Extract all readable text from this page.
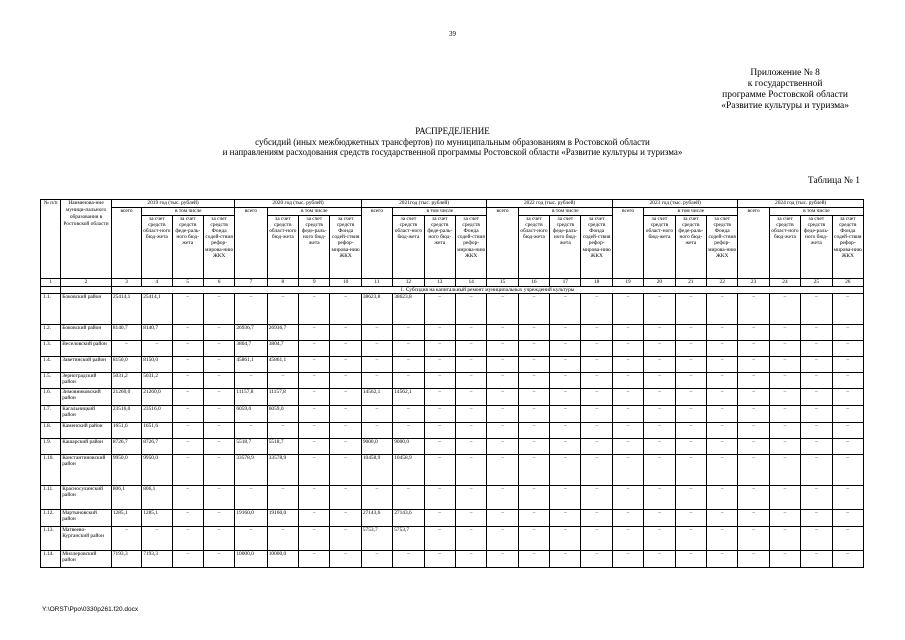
39
Приложение № 8
к государственной
программе Ростовской области
«Развитие культуры и туризма»
РАСПРЕДЕЛЕНИЕ
субсидий (иных межбюджетных трансфертов) по муниципальным образованиям в Ростовской области
и направлениям расходования средств государственной программы Ростовской области «Развитие культуры и туризма»
Таблица № 1
№ п/п	Наименова-ние муници-пального образования в Ростовской области	2019 год (тыс. рублей)				2020 год (тыс. рублей)				2021год (тыс. рублей)				2022 год (тыс. рублей)				2023 год (тыс. рублей)				2024 год (тыс. рублей)			
		всего	в том числе			всего	в том числе			всего	в том числе			всего	в том числе			всего	в том числе			всего	в том числе		
			за счет средств област-ного бюд-жета	за счет средств феде-раль-ного бюд-жета	за счет средств Фонда содей-ствия рефор-мирова-нию ЖКХ		за счет средств област-ного бюд-жета	за счет средств феде-раль-ного бюд-жета	за счет средств Фонда содей-ствия рефор-мирова-нию ЖКХ		за счет средств област-ного бюд-жета	за счет средств феде-раль-ного бюд-жета	за счет средств Фонда содей-ствия рефор-мирова-нию ЖКХ		за счет средств област-ного бюд-жета	за счет средств феде-раль-ного бюд-жета	за счет средств Фонда содей-ствия рефор-мирова-нию ЖКХ		за счет средств област-ного бюд-жета	за счет средств феде-раль-ного бюд-жета	за счет средств Фонда содей-ствия рефор-мирова-нию ЖКХ		за счет средств област-ного бюд-жета	за счет средств феде-раль-ного бюд-жета	за счет средств Фонда содей-ствия рефор-мирова-нию ЖКХ
1	2	3	4	5	6	7	8	9	10	11	12	13	14	15	16	17	18	19	20	21	22	23	24	25	26
		1. Субсидия на капитальный ремонт муниципальных учреждений культуры																							
1.1.	Боковский район	25414,1	25414,1	–	–	–	–	–	–	38623,8	38623,8	–	–	–	–	–	–	–	–	–	–	–	–	–	–
1.2.	Боковский район	8140,7	8140,7	–	–	26936,7	26936,7	–	–	–	–	–	–	–	–	–	–	–	–	–	–	–	–	–	–
1.3.	Веселовский район	–	–	–	–	3804,7	3804,7	–	–	–	–	–	–	–	–	–	–	–	–	–	–	–	–	–	–
1.4.	Заветинский район	8150,0	8150,0	–	–	45861,1	45861,1	–	–	–	–	–	–	–	–	–	–	–	–	–	–	–	–	–	–
1.5.	Зерноградский район	5031,2	5031,2	–	–	–	–	–	–	–	–	–	–	–	–	–	–	–	–	–	–	–	–	–	–
1.6.	Зимовниковский район	21260,0	21260,0	–	–	11157,8	11157,8	–	–	14562,1	14562,1	–	–	–	–	–	–	–	–	–	–	–	–	–	–
1.7.	Кагальницкий район	23516,0	23516,0	–	–	6059,0	6059,0	–	–	–	–	–	–	–	–	–	–	–	–	–	–	–	–	–	–
1.8.	Каменский район	1651,6	1651,6	–	–	–	–	–	–	–	–	–	–	–	–	–	–	–	–	–	–	–	–	–	–
1.9.	Кашарский район	8726,7	8726,7	–	–	5518,7	5518,7	–	–	9000,0	9000,0	–	–	–	–	–	–	–	–	–	–	–	–	–	–
1.10.	Константиновский район	9950,0	9950,0	–	–	33578,9	33578,9	–	–	10458,9	10458,9	–	–	–	–	–	–	–	–	–	–	–	–	–	–
1.11.	Красносулинский район	806,1	806,1	–	–	–	–	–	–	–	–	–	–	–	–	–	–	–	–	–	–	–	–	–	–
1.12.	Мартыновский район	1285,1	1285,1	–	–	19160,0	19160,0	–	–	27143,6	27143,6	–	–	–	–	–	–	–	–	–	–	–	–	–	–
1.13.	Матвеево-Курганский район	–	–	–	–	–	–	–	–	5753,7	5753,7	–	–	–	–	–	–	–	–	–	–	–	–	–	–
1.14.	Миллеровский район	7193,3	7193,3	–	–	10000,0	10000,0	–	–	–	–	–	–	–	–	–	–	–	–	–	–	–	–	–	–
Y:\ORST\Ppo\0330p261.f20.docx
